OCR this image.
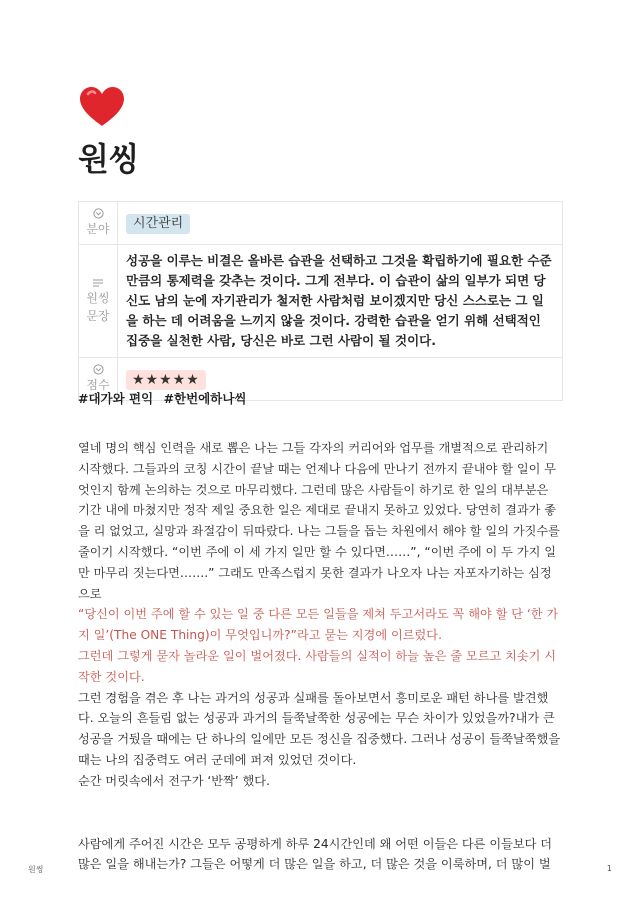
원씽
분야	시간관리

원씽
문장	성공을 이루는 비결은 올바른 습관을 선택하고 그것을 확립하기에 필요한 수준만큼의 통제력을 갖추는 것이다. 그게 전부다. 이 습관이 삶의 일부가 되면 당신도 남의 눈에 자기관리가 철저한 사람처럼 보이겠지만 당신 스스로는 그 일을 하는 데 어려움을 느끼지 않을 것이다. 강력한 습관을 얻기 위해 선택적인 집중을 실천한 사람, 당신은 바로 그런 사람이 될 것이다.

점수	★★★★★
#대가와 편익 #한번에하나씩

열네 명의 핵심 인력을 새로 뽑은 나는 그들 각자의 커리어와 업무를 개별적으로 관리하기 시작했다. 그들과의 코칭 시간이 끝날 때는 언제나 다음에 만나기 전까지 끝내야 할 일이 무엇인지 함께 논의하는 것으로 마무리했다. 그런데 많은 사람들이 하기로 한 일의 대부분은 기간 내에 마쳤지만 정작 제일 중요한 일은 제대로 끝내지 못하고 있었다. 당연히 결과가 좋을 리 없었고, 실망과 좌절감이 뒤따랐다. 나는 그들을 돕는 차원에서 해야 할 일의 가짓수를 줄이기 시작했다. “이번 주에 이 세 가지 일만 할 수 있다면……”, “이번 주에 이 두 가지 일만 마무리 짓는다면…….” 그래도 만족스럽지 못한 결과가 나오자 나는 자포자기하는 심정으로
“당신이 이번 주에 할 수 있는 일 중 다른 모든 일들을 제쳐 두고서라도 꼭 해야 할 단 ‘한 가지 일’(The ONE Thing)이 무엇입니까?”라고 묻는 지경에 이르렀다.

그런데 그렇게 묻자 놀라운 일이 벌어졌다. 사람들의 실적이 하늘 높은 줄 모르고 치솟기 시작한 것이다.

그런 경험을 겪은 후 나는 과거의 성공과 실패를 돌아보면서 흥미로운 패턴 하나를 발견했다. 오늘의 흔들림 없는 성공과 과거의 들쭉날쭉한 성공에는 무슨 차이가 있었을까?내가 큰 성공을 거뒀을 때에는 단 하나의 일에만 모든 정신을 집중했다. 그러나 성공이 들쭉날쭉했을 때는 나의 집중력도 여러 군데에 퍼져 있었던 것이다.

순간 머릿속에서 전구가 ‘반짝’ 했다.

사람에게 주어진 시간은 모두 공평하게 하루 24시간인데 왜 어떤 이들은 다른 이들보다 더 많은 일을 해내는가? 그들은 어떻게 더 많은 일을 하고, 더 많은 것을 이룩하며, 더 많이 벌

원씽	1
